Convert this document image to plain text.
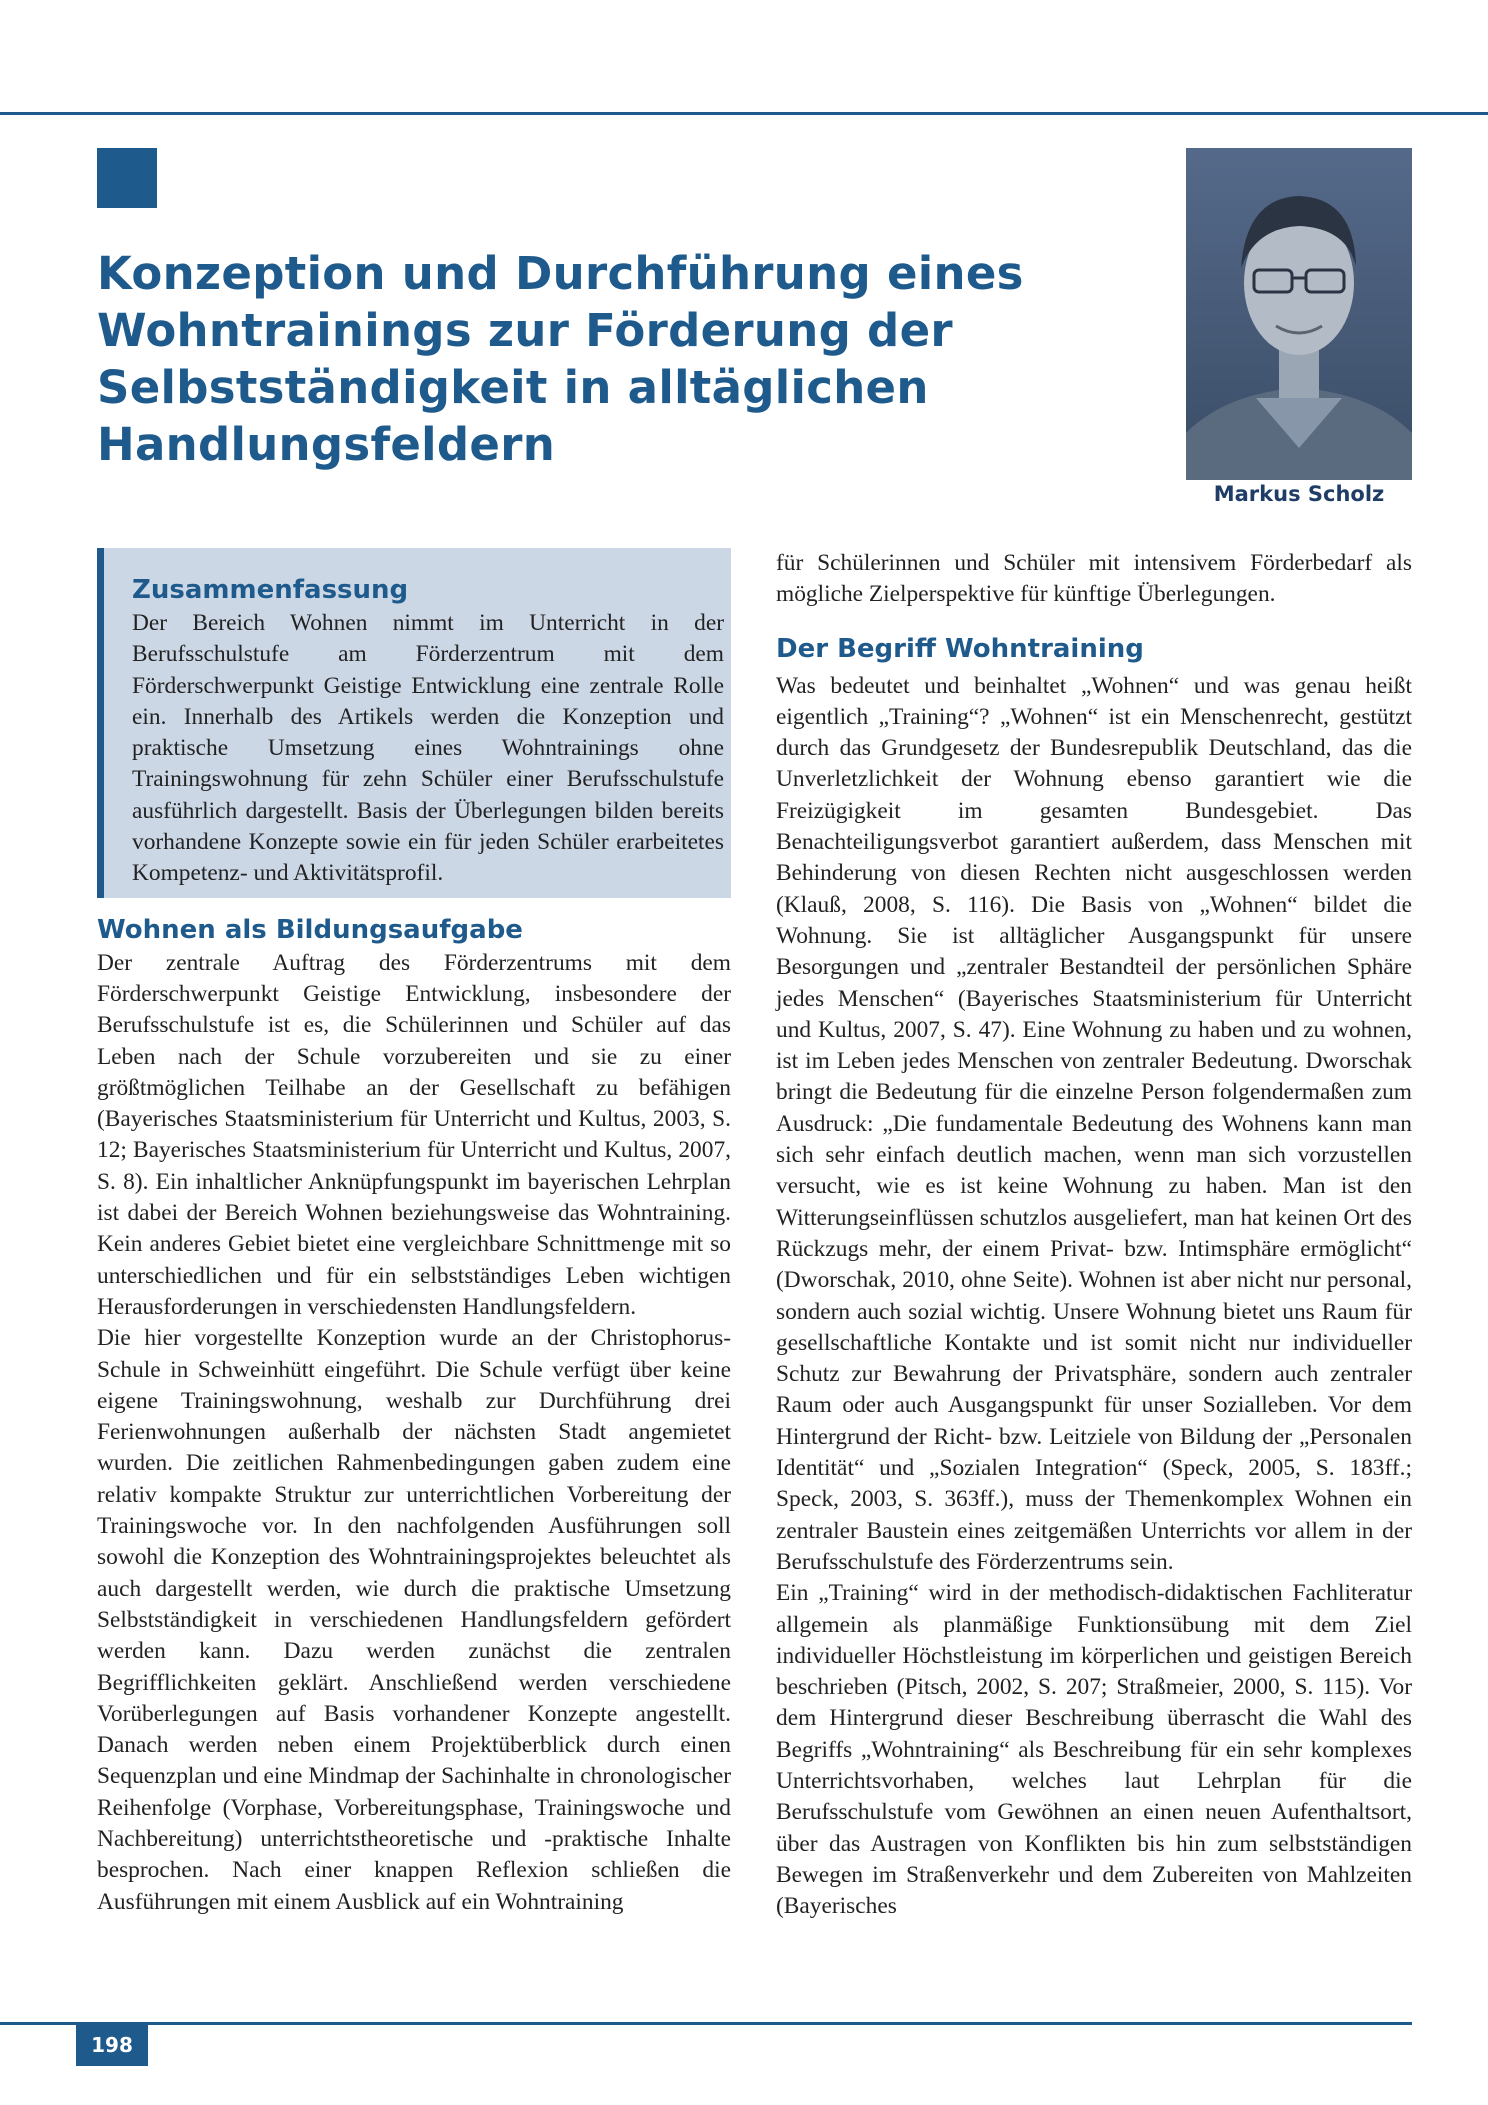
Konzeption und Durchführung eines Wohntrainings zur Förderung der Selbstständigkeit in alltäglichen Handlungsfeldern
Markus Scholz
Zusammenfassung

Der Bereich Wohnen nimmt im Unterricht in der Berufsschulstufe am Förderzentrum mit dem Förderschwerpunkt Geistige Entwicklung eine zentrale Rolle ein. Innerhalb des Artikels werden die Konzeption und praktische Umsetzung eines Wohntrainings ohne Trainingswohnung für zehn Schüler einer Berufsschulstufe ausführlich dargestellt. Basis der Überlegungen bilden bereits vorhandene Konzepte sowie ein für jeden Schüler erarbeitetes Kompetenz- und Aktivitätsprofil.

Wohnen als Bildungsaufgabe

Der zentrale Auftrag des Förderzentrums mit dem Förderschwerpunkt Geistige Entwicklung, insbesondere der Berufsschulstufe ist es, die Schülerinnen und Schüler auf das Leben nach der Schule vorzubereiten und sie zu einer größtmöglichen Teilhabe an der Gesellschaft zu befähigen (Bayerisches Staatsministerium für Unterricht und Kultus, 2003, S. 12; Bayerisches Staatsministerium für Unterricht und Kultus, 2007, S. 8). Ein inhaltlicher Anknüpfungspunkt im bayerischen Lehrplan ist dabei der Bereich Wohnen beziehungsweise das Wohntraining. Kein anderes Gebiet bietet eine vergleichbare Schnittmenge mit so unterschiedlichen und für ein selbstständiges Leben wichtigen Herausforderungen in verschiedensten Handlungsfeldern.

Die hier vorgestellte Konzeption wurde an der Christophorus-Schule in Schweinhütt eingeführt. Die Schule verfügt über keine eigene Trainingswohnung, weshalb zur Durchführung drei Ferienwohnungen außerhalb der nächsten Stadt angemietet wurden. Die zeitlichen Rahmenbedingungen gaben zudem eine relativ kompakte Struktur zur unterrichtlichen Vorbereitung der Trainingswoche vor. In den nachfolgenden Ausführungen soll sowohl die Konzeption des Wohntrainingsprojektes beleuchtet als auch dargestellt werden, wie durch die praktische Umsetzung Selbstständigkeit in verschiedenen Handlungsfeldern gefördert werden kann. Dazu werden zunächst die zentralen Begrifflichkeiten geklärt. Anschließend werden verschiedene Vorüberlegungen auf Basis vorhandener Konzepte angestellt. Danach werden neben einem Projektüberblick durch einen Sequenzplan und eine Mindmap der Sachinhalte in chronologischer Reihenfolge (Vorphase, Vorbereitungsphase, Trainingswoche und Nachbereitung) unterrichtstheoretische und -praktische Inhalte besprochen. Nach einer knappen Reflexion schließen die Ausführungen mit einem Ausblick auf ein Wohntraining

für Schülerinnen und Schüler mit intensivem Förderbedarf als mögliche Zielperspektive für künftige Überlegungen.

Der Begriff Wohntraining

Was bedeutet und beinhaltet „Wohnen“ und was genau heißt eigentlich „Training“? „Wohnen“ ist ein Menschenrecht, gestützt durch das Grundgesetz der Bundesrepublik Deutschland, das die Unverletzlichkeit der Wohnung ebenso garantiert wie die Freizügigkeit im gesamten Bundesgebiet. Das Benachteiligungsverbot garantiert außerdem, dass Menschen mit Behinderung von diesen Rechten nicht ausgeschlossen werden (Klauß, 2008, S. 116). Die Basis von „Wohnen“ bildet die Wohnung. Sie ist alltäglicher Ausgangspunkt für unsere Besorgungen und „zentraler Bestandteil der persönlichen Sphäre jedes Menschen“ (Bayerisches Staatsministerium für Unterricht und Kultus, 2007, S. 47). Eine Wohnung zu haben und zu wohnen, ist im Leben jedes Menschen von zentraler Bedeutung. Dworschak bringt die Bedeutung für die einzelne Person folgendermaßen zum Ausdruck: „Die fundamentale Bedeutung des Wohnens kann man sich sehr einfach deutlich machen, wenn man sich vorzustellen versucht, wie es ist keine Wohnung zu haben. Man ist den Witterungseinflüssen schutzlos ausgeliefert, man hat keinen Ort des Rückzugs mehr, der einem Privat- bzw. Intimsphäre ermöglicht“ (Dworschak, 2010, ohne Seite). Wohnen ist aber nicht nur personal, sondern auch sozial wichtig. Unsere Wohnung bietet uns Raum für gesellschaftliche Kontakte und ist somit nicht nur individueller Schutz zur Bewahrung der Privatsphäre, sondern auch zentraler Raum oder auch Ausgangspunkt für unser Sozialleben. Vor dem Hintergrund der Richt- bzw. Leitziele von Bildung der „Personalen Identität“ und „Sozialen Integration“ (Speck, 2005, S. 183ff.; Speck, 2003, S. 363ff.), muss der Themenkomplex Wohnen ein zentraler Baustein eines zeitgemäßen Unterrichts vor allem in der Berufsschulstufe des Förderzentrums sein.

Ein „Training“ wird in der methodisch-didaktischen Fachliteratur allgemein als planmäßige Funktionsübung mit dem Ziel individueller Höchstleistung im körperlichen und geistigen Bereich beschrieben (Pitsch, 2002, S. 207; Straßmeier, 2000, S. 115). Vor dem Hintergrund dieser Beschreibung überrascht die Wahl des Begriffs „Wohntraining“ als Beschreibung für ein sehr komplexes Unterrichtsvorhaben, welches laut Lehrplan für die Berufsschulstufe vom Gewöhnen an einen neuen Aufenthaltsort, über das Austragen von Konflikten bis hin zum selbstständigen Bewegen im Straßenverkehr und dem Zubereiten von Mahlzeiten (Bayerisches

198
